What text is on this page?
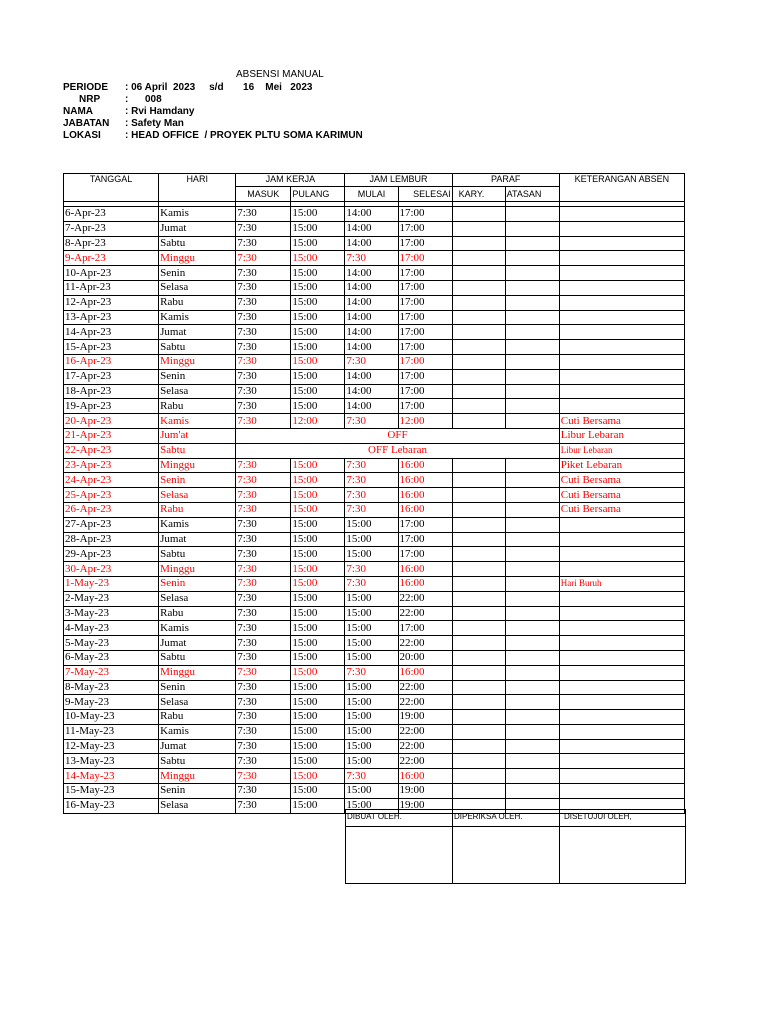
ABSENSI MANUAL
PERIODE : 06 April  2023     s/d       16    Mei   2023
NRP :      008
NAMA	: Rvi Hamdany
JABATAN : Safety Man
LOKASI : HEAD OFFICE  / PROYEK PLTU SOMA KARIMUN
TANGGAL	HARI	JAM KERJA		JAM LEMBUR		PARAF		KETERANGAN ABSEN
		MASUK	PULANG	MULAI	SELESAI	KARY.	ATASAN	

6-Apr-23	Kamis	7:30	15:00	14:00	17:00			
7-Apr-23	Jumat	7:30	15:00	14:00	17:00			
8-Apr-23	Sabtu	7:30	15:00	14:00	17:00			
9-Apr-23	Minggu	7:30	15:00	7:30	17:00			
10-Apr-23	Senin	7:30	15:00	14:00	17:00			
11-Apr-23	Selasa	7:30	15:00	14:00	17:00			
12-Apr-23	Rabu	7:30	15:00	14:00	17:00			
13-Apr-23	Kamis	7:30	15:00	14:00	17:00			
14-Apr-23	Jumat	7:30	15:00	14:00	17:00			
15-Apr-23	Sabtu	7:30	15:00	14:00	17:00			
16-Apr-23	Minggu	7:30	15:00	7:30	17:00			
17-Apr-23	Senin	7:30	15:00	14:00	17:00			
18-Apr-23	Selasa	7:30	15:00	14:00	17:00			
19-Apr-23	Rabu	7:30	15:00	14:00	17:00			
20-Apr-23	Kamis	7:30	12:00	7:30	12:00			Cuti Bersama
21-Apr-23	Jum'at	OFF						Libur Lebaran
22-Apr-23	Sabtu	OFF Lebaran						Libur Lebaran
23-Apr-23	Minggu	7:30	15:00	7:30	16:00			Piket Lebaran
24-Apr-23	Senin	7:30	15:00	7:30	16:00			Cuti Bersama
25-Apr-23	Selasa	7:30	15:00	7:30	16:00			Cuti Bersama
26-Apr-23	Rabu	7:30	15:00	7:30	16:00			Cuti Bersama
27-Apr-23	Kamis	7:30	15:00	15:00	17:00			
28-Apr-23	Jumat	7:30	15:00	15:00	17:00			
29-Apr-23	Sabtu	7:30	15:00	15:00	17:00			
30-Apr-23	Minggu	7:30	15:00	7:30	16:00			
1-May-23	Senin	7:30	15:00	7:30	16:00			Hari Buruh
2-May-23	Selasa	7:30	15:00	15:00	22:00			
3-May-23	Rabu	7:30	15:00	15:00	22:00			
4-May-23	Kamis	7:30	15:00	15:00	17:00			
5-May-23	Jumat	7:30	15:00	15:00	22:00			
6-May-23	Sabtu	7:30	15:00	15:00	20:00			
7-May-23	Minggu	7:30	15:00	7:30	16:00			
8-May-23	Senin	7:30	15:00	15:00	22:00			
9-May-23	Selasa	7:30	15:00	15:00	22:00			
10-May-23	Rabu	7:30	15:00	15:00	19:00			
11-May-23	Kamis	7:30	15:00	15:00	22:00			
12-May-23	Jumat	7:30	15:00	15:00	22:00			
13-May-23	Sabtu	7:30	15:00	15:00	22:00			
14-May-23	Minggu	7:30	15:00	7:30	16:00			
15-May-23	Senin	7:30	15:00	15:00	19:00			
16-May-23	Selasa	7:30	15:00	15:00	19:00			
DIBUAT OLEH.	DIPERIKSA OLEH.	DISETUJUI OLEH,
